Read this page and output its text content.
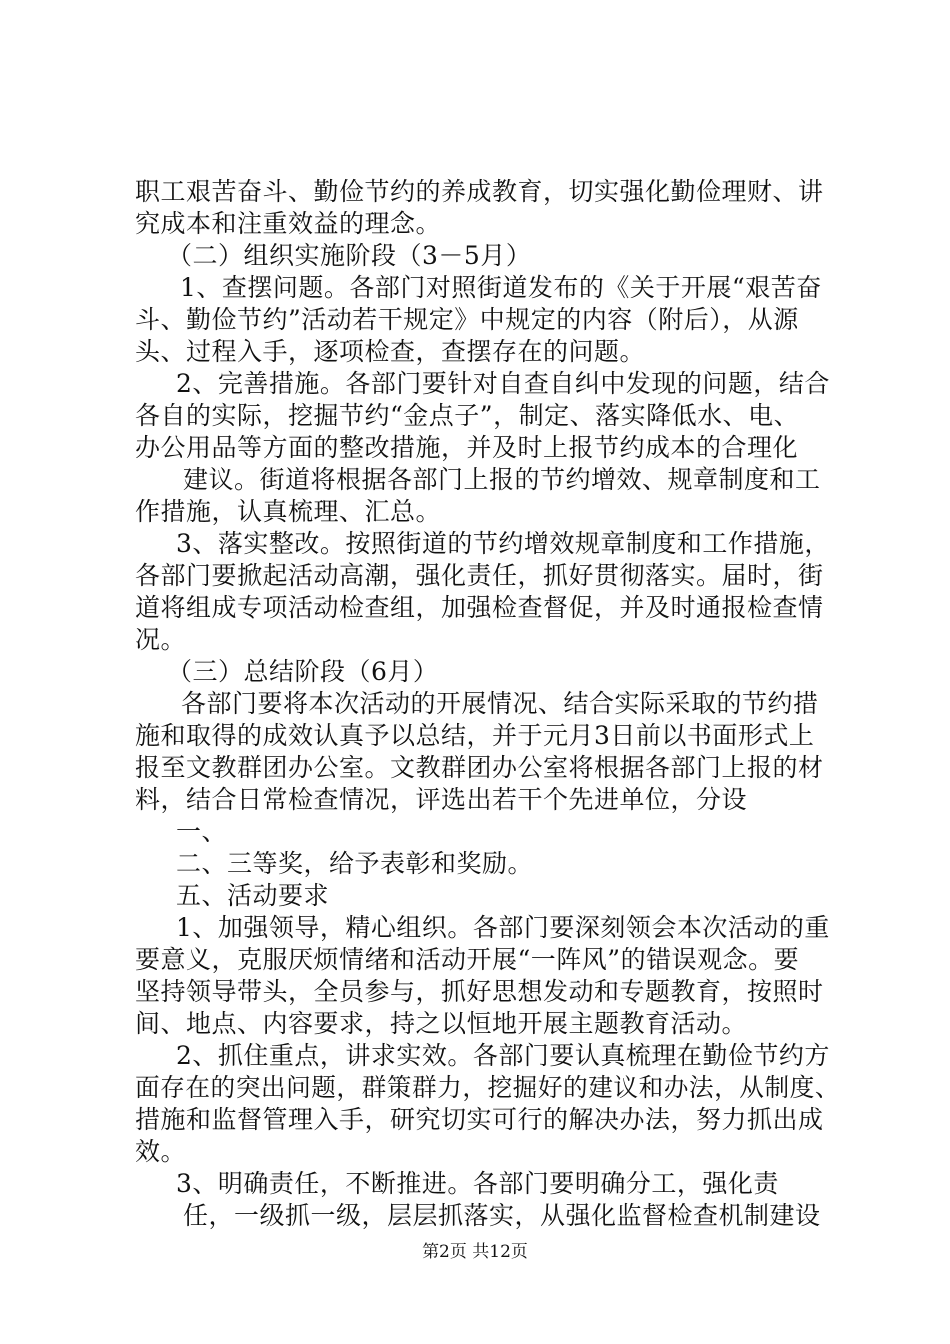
职工艰苦奋斗、勤俭节约的养成教育，切实强化勤俭理财、讲
究成本和注重效益的理念。
（二）组织实施阶段（3－5月）
1、查摆问题。各部门对照街道发布的《关于开展“艰苦奋
斗、勤俭节约”活动若干规定》中规定的内容（附后），从源
头、过程入手，逐项检查，查摆存在的问题。
2、完善措施。各部门要针对自查自纠中发现的问题，结合
各自的实际，挖掘节约“金点子”，制定、落实降低水、电、
办公用品等方面的整改措施，并及时上报节约成本的合理化
建议。街道将根据各部门上报的节约增效、规章制度和工
作措施，认真梳理、汇总。
3、落实整改。按照街道的节约增效规章制度和工作措施，
各部门要掀起活动高潮，强化责任，抓好贯彻落实。届时，街
道将组成专项活动检查组，加强检查督促，并及时通报检查情
况。
（三）总结阶段（6月）
各部门要将本次活动的开展情况、结合实际采取的节约措
施和取得的成效认真予以总结，并于元月3日前以书面形式上
报至文教群团办公室。文教群团办公室将根据各部门上报的材
料，结合日常检查情况，评选出若干个先进单位，分设
一、
二、三等奖，给予表彰和奖励。
五、活动要求
1、加强领导，精心组织。各部门要深刻领会本次活动的重
要意义，克服厌烦情绪和活动开展“一阵风”的错误观念。要
坚持领导带头，全员参与，抓好思想发动和专题教育，按照时
间、地点、内容要求，持之以恒地开展主题教育活动。
2、抓住重点，讲求实效。各部门要认真梳理在勤俭节约方
面存在的突出问题，群策群力，挖掘好的建议和办法，从制度、
措施和监督管理入手，研究切实可行的解决办法，努力抓出成
效。
3、明确责任，不断推进。各部门要明确分工，强化责
任，一级抓一级，层层抓落实，从强化监督检查机制建设
第2页 共12页
